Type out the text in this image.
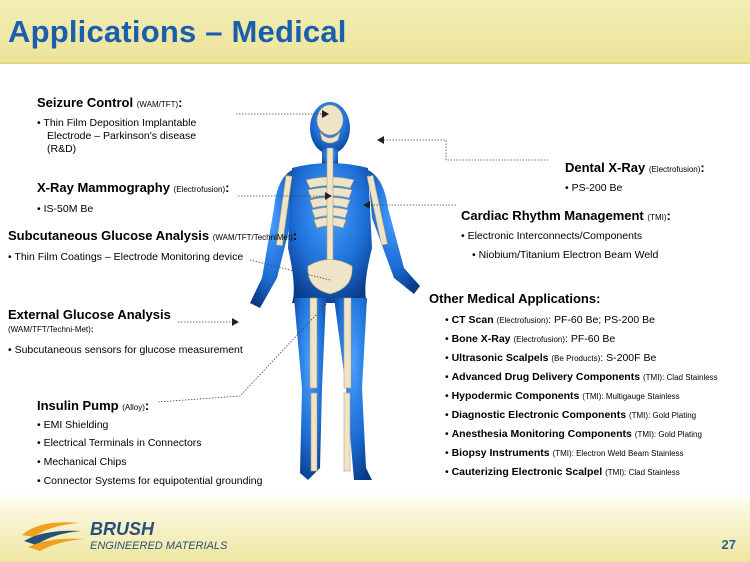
Applications – Medical
Seizure Control (WAM/TFT):
• Thin Film Deposition Implantable
Electrode – Parkinson's disease
(R&D)
X-Ray Mammography (Electrofusion):
• IS-50M Be
Subcutaneous Glucose Analysis (WAM/TFT/TechniMet):
• Thin Film Coatings – Electrode Monitoring device
External Glucose Analysis
(WAM/TFT/Techni-Met):
• Subcutaneous sensors for glucose measurement
Insulin Pump (Alloy):
• EMI Shielding
• Electrical Terminals in Connectors
• Mechanical Chips
• Connector Systems for equipotential grounding
Dental X-Ray (Electrofusion):
• PS-200 Be
Cardiac Rhythm Management (TMI):
• Electronic Interconnects/Components
• Niobium/Titanium Electron Beam Weld
Other Medical Applications:
• CT Scan (Electrofusion): PF-60 Be; PS-200 Be
• Bone X-Ray (Electrofusion): PF-60 Be
• Ultrasonic Scalpels (Be Products): S-200F Be
• Advanced Drug Delivery Components (TMI): Clad Stainless
• Hypodermic Components (TMI): Multigauge Stainless
• Diagnostic Electronic Components (TMI): Gold Plating
• Anesthesia Monitoring Components (TMI): Gold Plating
• Biopsy Instruments (TMI): Electron Weld Beam Stainless
• Cauterizing Electronic Scalpel (TMI): Clad Stainless
BRUSH
ENGINEERED MATERIALS	27
